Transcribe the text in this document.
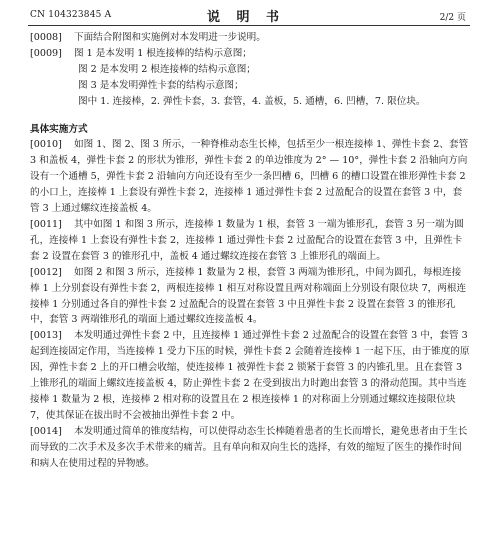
CN 104323845 A	说 明 书	2/2 页

[0008] 下面结合附图和实施例对本发明进一步说明。

[0009] 图 1 是本发明 1 根连接棒的结构示意图；

图 2 是本发明 2 根连接棒的结构示意图；

图 3 是本发明弹性卡套的结构示意图；

图中 1. 连接棒，2. 弹性卡套，3. 套管，4. 盖板，5. 通槽，6. 凹槽，7. 限位块。

具体实施方式

[0010] 如图 1、图 2、图 3 所示，一种脊椎动态生长棒，包括至少一根连接棒 1、弹性卡套 2、套管 3 和盖板 4，弹性卡套 2 的形状为锥形，弹性卡套 2 的单边锥度为 2° — 10°，弹性卡套 2 沿轴向方向设有一个通槽 5，弹性卡套 2 沿轴向方向还设有至少一条凹槽 6，凹槽 6 的槽口设置在锥形弹性卡套 2 的小口上，连接棒 1 上套设有弹性卡套 2，连接棒 1 通过弹性卡套 2 过盈配合的设置在套管 3 中，套管 3 上通过螺纹连接盖板 4。

[0011] 其中如图 1 和图 3 所示，连接棒 1 数量为 1 根，套管 3 一端为锥形孔，套管 3 另一端为圆孔，连接棒 1 上套设有弹性卡套 2，连接棒 1 通过弹性卡套 2 过盈配合的设置在套管 3 中，且弹性卡套 2 设置在套管 3 的锥形孔中，盖板 4 通过螺纹连接在套管 3 上锥形孔的端面上。

[0012] 如图 2 和图 3 所示，连接棒 1 数量为 2 根，套管 3 两端为锥形孔，中间为圆孔，每根连接棒 1 上分别套设有弹性卡套 2，两根连接棒 1 相互对称设置且两对称端面上分别设有限位块 7，两根连接棒 1 分别通过各自的弹性卡套 2 过盈配合的设置在套管 3 中且弹性卡套 2 设置在套管 3 的锥形孔中，套管 3 两端锥形孔的端面上通过螺纹连接盖板 4。

[0013] 本发明通过弹性卡套 2 中，且连接棒 1 通过弹性卡套 2 过盈配合的设置在套管 3 中，套管 3 起到连接固定作用，当连接棒 1 受力下压的时候，弹性卡套 2 会随着连接棒 1 一起下压，由于锥度的原因，弹性卡套 2 上的开口槽会收缩，使连接棒 1 被弹性卡套 2 锁紧于套管 3 的内锥孔里。且在套管 3 上锥形孔的端面上螺纹连接盖板 4，防止弹性卡套 2 在受到拔出力时跑出套管 3 的滑动范围。其中当连接棒 1 数量为 2 根，连接棒 2 相对称的设置且在 2 根连接棒 1 的对称面上分别通过螺纹连接限位块 7，使其保证在拔出时不会被抽出弹性卡套 2 中。

[0014] 本发明通过简单的锥度结构，可以使得动态生长棒随着患者的生长而增长，避免患者由于生长而导致的二次手术及多次手术带来的痛苦。且有单向和双向生长的选择，有效的缩短了医生的操作时间和病人在使用过程的异物感。
